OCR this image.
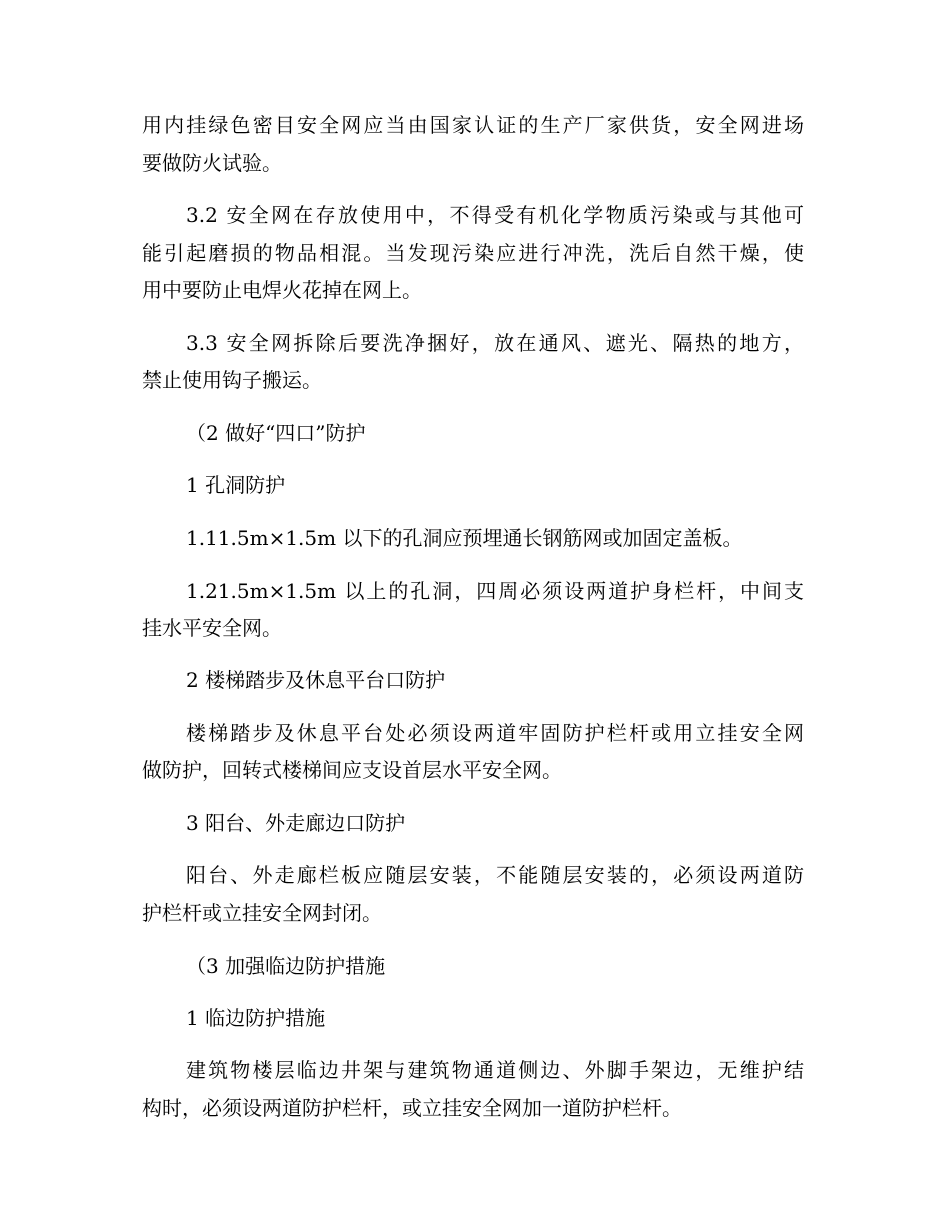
用内挂绿色密目安全网应当由国家认证的生产厂家供货，安全网进场
要做防火试验。
3.2 安全网在存放使用中，不得受有机化学物质污染或与其他可
能引起磨损的物品相混。当发现污染应进行冲洗，洗后自然干燥，使
用中要防止电焊火花掉在网上。
3.3 安全网拆除后要洗净捆好，放在通风、遮光、隔热的地方，
禁止使用钩子搬运。
（2 做好“四口”防护
1 孔洞防护
1.11.5m×1.5m 以下的孔洞应预埋通长钢筋网或加固定盖板。
1.21.5m×1.5m 以上的孔洞，四周必须设两道护身栏杆，中间支
挂水平安全网。
2 楼梯踏步及休息平台口防护
楼梯踏步及休息平台处必须设两道牢固防护栏杆或用立挂安全网
做防护，回转式楼梯间应支设首层水平安全网。
3 阳台、外走廊边口防护
阳台、外走廊栏板应随层安装，不能随层安装的，必须设两道防
护栏杆或立挂安全网封闭。
（3 加强临边防护措施
1 临边防护措施
建筑物楼层临边井架与建筑物通道侧边、外脚手架边，无维护结
构时，必须设两道防护栏杆，或立挂安全网加一道防护栏杆。
